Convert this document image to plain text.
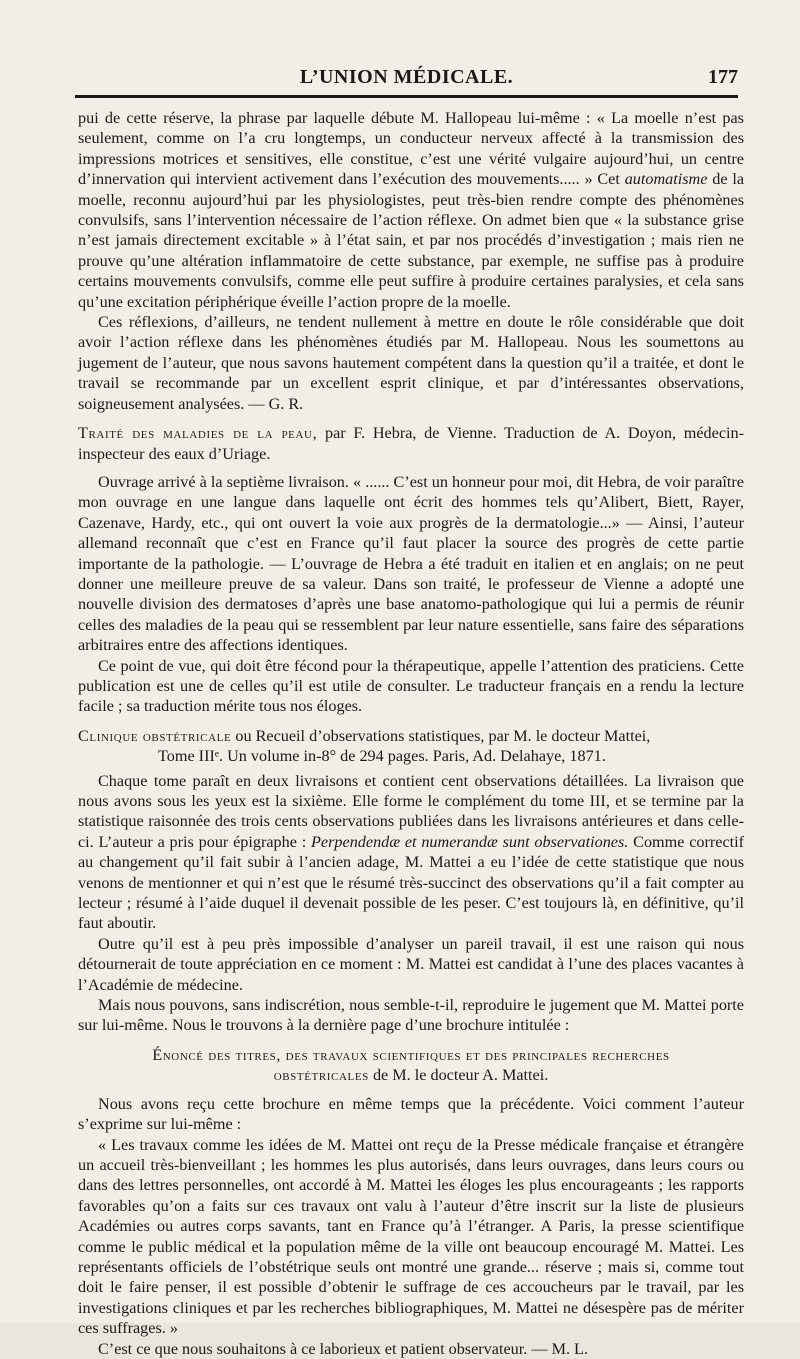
L’UNION MÉDICALE.	177

pui de cette réserve, la phrase par laquelle débute M. Hallopeau lui-même : « La moelle n’est pas seulement, comme on l’a cru longtemps, un conducteur nerveux affecté à la transmission des impressions motrices et sensitives, elle constitue, c’est une vérité vulgaire aujourd’hui, un centre d’innervation qui intervient activement dans l’exécution des mouvements..... » Cet automatisme de la moelle, reconnu aujourd’hui par les physiologistes, peut très-bien rendre compte des phénomènes convulsifs, sans l’intervention nécessaire de l’action réflexe. On admet bien que « la substance grise n’est jamais directement excitable » à l’état sain, et par nos procédés d’investigation ; mais rien ne prouve qu’une altération inflammatoire de cette substance, par exemple, ne suffise pas à produire certains mouvements convulsifs, comme elle peut suffire à produire certaines paralysies, et cela sans qu’une excitation périphérique éveille l’action propre de la moelle.

Ces réflexions, d’ailleurs, ne tendent nullement à mettre en doute le rôle considérable que doit avoir l’action réflexe dans les phénomènes étudiés par M. Hallopeau. Nous les soumettons au jugement de l’auteur, que nous savons hautement compétent dans la question qu’il a traitée, et dont le travail se recommande par un excellent esprit clinique, et par d’intéressantes observations, soigneusement analysées. — G. R.

Traité des maladies de la peau, par F. Hebra, de Vienne. Traduction de A. Doyon, médecin-inspecteur des eaux d’Uriage.

Ouvrage arrivé à la septième livraison. « ...... C’est un honneur pour moi, dit Hebra, de voir paraître mon ouvrage en une langue dans laquelle ont écrit des hommes tels qu’Alibert, Biett, Rayer, Cazenave, Hardy, etc., qui ont ouvert la voie aux progrès de la dermatologie...» — Ainsi, l’auteur allemand reconnaît que c’est en France qu’il faut placer la source des progrès de cette partie importante de la pathologie. — L’ouvrage de Hebra a été traduit en italien et en anglais; on ne peut donner une meilleure preuve de sa valeur. Dans son traité, le professeur de Vienne a adopté une nouvelle division des dermatoses d’après une base anatomo-pathologique qui lui a permis de réunir celles des maladies de la peau qui se ressemblent par leur nature essentielle, sans faire des séparations arbitraires entre des affections identiques.

Ce point de vue, qui doit être fécond pour la thérapeutique, appelle l’attention des praticiens. Cette publication est une de celles qu’il est utile de consulter. Le traducteur français en a rendu la lecture facile ; sa traduction mérite tous nos éloges.

Clinique obstétricale ou Recueil d’observations statistiques, par M. le docteur Mattei,

Tome IIIᵉ. Un volume in-8° de 294 pages. Paris, Ad. Delahaye, 1871.

Chaque tome paraît en deux livraisons et contient cent observations détaillées. La livraison que nous avons sous les yeux est la sixième. Elle forme le complément du tome III, et se termine par la statistique raisonnée des trois cents observations publiées dans les livraisons antérieures et dans celle-ci. L’auteur a pris pour épigraphe : Perpendendæ et numerandæ sunt observationes. Comme correctif au changement qu’il fait subir à l’ancien adage, M. Mattei a eu l’idée de cette statistique que nous venons de mentionner et qui n’est que le résumé très-succinct des observations qu’il a fait compter au lecteur ; résumé à l’aide duquel il devenait possible de les peser. C’est toujours là, en définitive, qu’il faut aboutir.

Outre qu’il est à peu près impossible d’analyser un pareil travail, il est une raison qui nous détournerait de toute appréciation en ce moment : M. Mattei est candidat à l’une des places vacantes à l’Académie de médecine.

Mais nous pouvons, sans indiscrétion, nous semble-t-il, reproduire le jugement que M. Mattei porte sur lui-même. Nous le trouvons à la dernière page d’une brochure intitulée :

Énoncé des titres, des travaux scientifiques et des principales recherches

obstétricales de M. le docteur A. Mattei.

Nous avons reçu cette brochure en même temps que la précédente. Voici comment l’auteur s’exprime sur lui-même :

« Les travaux comme les idées de M. Mattei ont reçu de la Presse médicale française et étrangère un accueil très-bienveillant ; les hommes les plus autorisés, dans leurs ouvrages, dans leurs cours ou dans des lettres personnelles, ont accordé à M. Mattei les éloges les plus encourageants ; les rapports favorables qu’on a faits sur ces travaux ont valu à l’auteur d’être inscrit sur la liste de plusieurs Académies ou autres corps savants, tant en France qu’à l’étranger. A Paris, la presse scientifique comme le public médical et la population même de la ville ont beaucoup encouragé M. Mattei. Les représentants officiels de l’obstétrique seuls ont montré une grande... réserve ; mais si, comme tout doit le faire penser, il est possible d’obtenir le suffrage de ces accoucheurs par le travail, par les investigations cliniques et par les recherches bibliographiques, M. Mattei ne désespère pas de mériter ces suffrages. »

C’est ce que nous souhaitons à ce laborieux et patient observateur. — M. L.
